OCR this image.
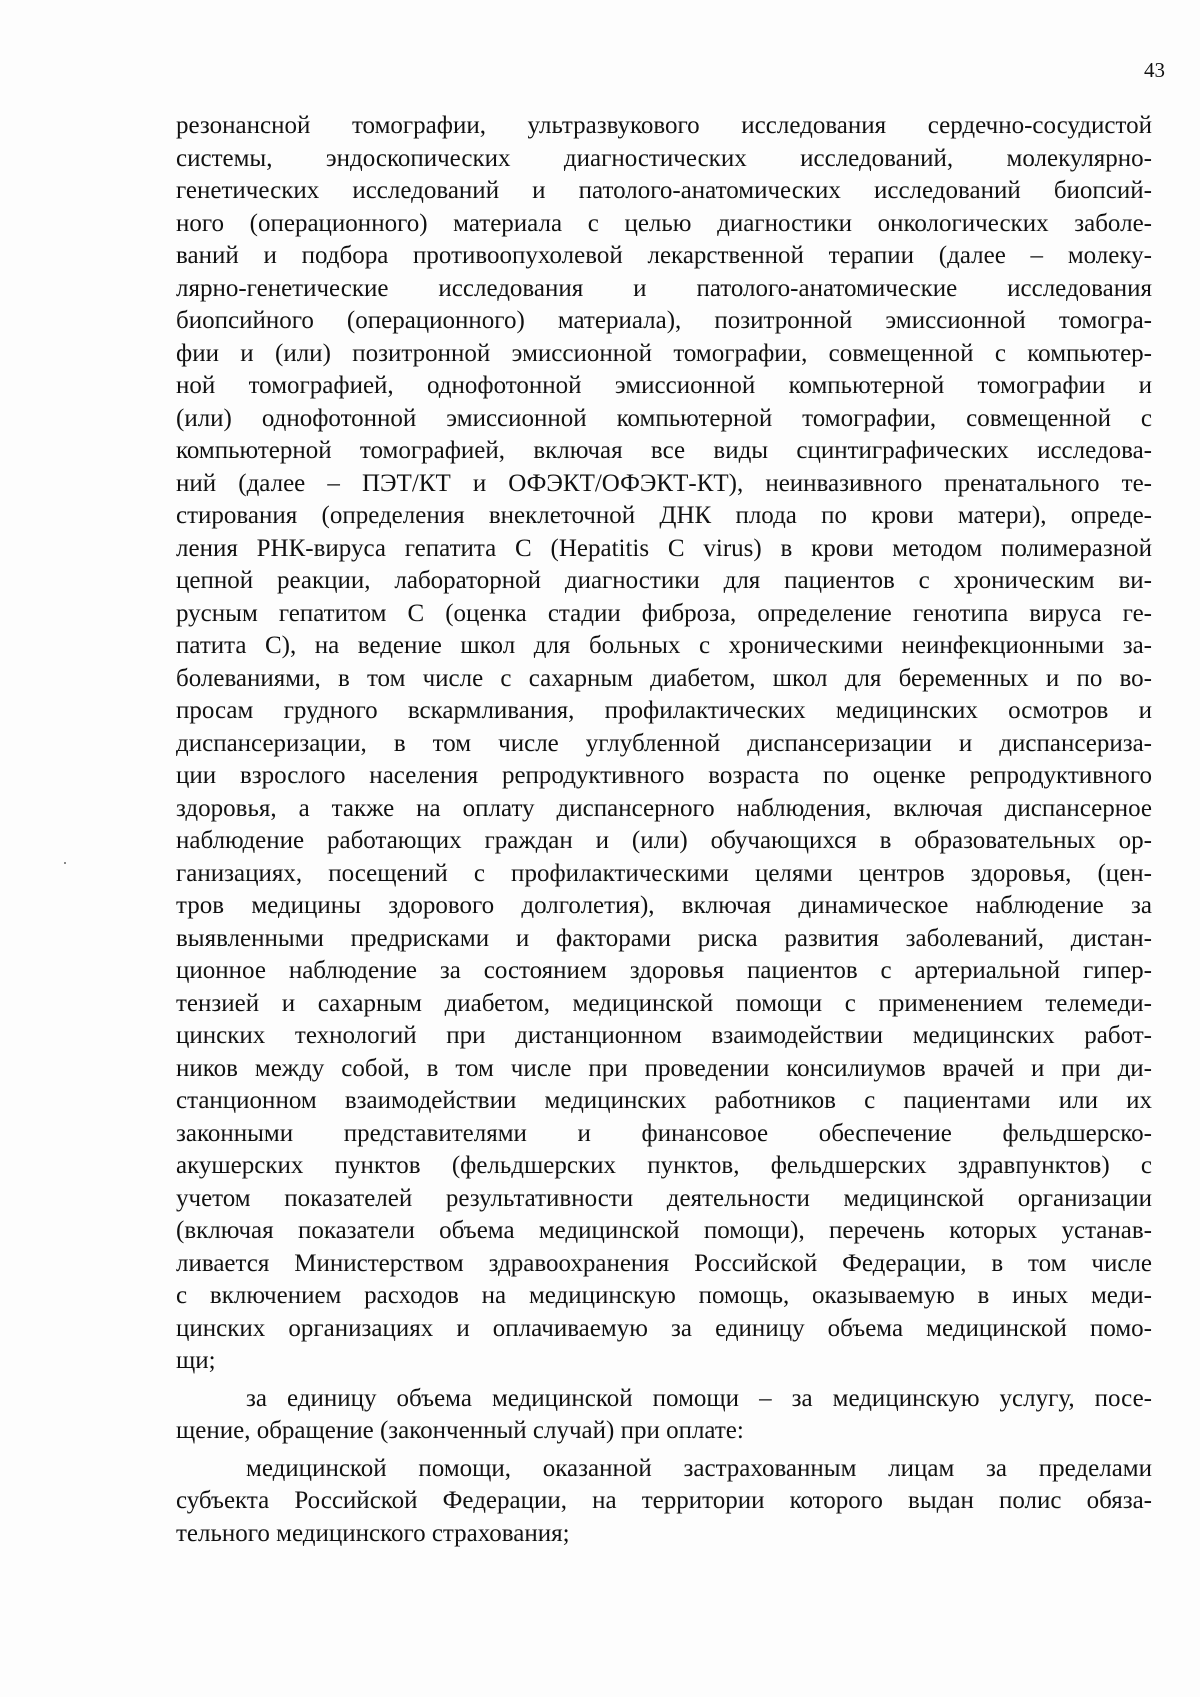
43
резонансной томографии, ультразвукового исследования сердечно-сосудистой
системы, эндоскопических диагностических исследований, молекулярно-
генетических исследований и патолого-анатомических исследований биопсий-
ного (операционного) материала с целью диагностики онкологических заболе-
ваний и подбора противоопухолевой лекарственной терапии (далее – молеку-
лярно-генетические исследования и патолого-анатомические исследования
биопсийного (операционного) материала), позитронной эмиссионной томогра-
фии и (или) позитронной эмиссионной томографии, совмещенной с компьютер-
ной томографией, однофотонной эмиссионной компьютерной томографии и
(или) однофотонной эмиссионной компьютерной томографии, совмещенной с
компьютерной томографией, включая все виды сцинтиграфических исследова-
ний (далее – ПЭТ/КТ и ОФЭКТ/ОФЭКТ-КТ), неинвазивного пренатального те-
стирования (определения внеклеточной ДНК плода по крови матери), опреде-
ления РНК-вируса гепатита С (Hepatitis C virus) в крови методом полимеразной
цепной реакции, лабораторной диагностики для пациентов с хроническим ви-
русным гепатитом С (оценка стадии фиброза, определение генотипа вируса ге-
патита С), на ведение школ для больных с хроническими неинфекционными за-
болеваниями, в том числе с сахарным диабетом, школ для беременных и по во-
просам грудного вскармливания, профилактических медицинских осмотров и
диспансеризации, в том числе углубленной диспансеризации и диспансериза-
ции взрослого населения репродуктивного возраста по оценке репродуктивного
здоровья, а также на оплату диспансерного наблюдения, включая диспансерное
наблюдение работающих граждан и (или) обучающихся в образовательных ор-
ганизациях, посещений с профилактическими целями центров здоровья, (цен-
тров медицины здорового долголетия), включая динамическое наблюдение за
выявленными предрисками и факторами риска развития заболеваний, дистан-
ционное наблюдение за состоянием здоровья пациентов с артериальной гипер-
тензией и сахарным диабетом, медицинской помощи с применением телемеди-
цинских технологий при дистанционном взаимодействии медицинских работ-
ников между собой, в том числе при проведении консилиумов врачей и при ди-
станционном взаимодействии медицинских работников с пациентами или их
законными представителями и финансовое обеспечение фельдшерско-
акушерских пунктов (фельдшерских пунктов, фельдшерских здравпунктов) с
учетом показателей результативности деятельности медицинской организации
(включая показатели объема медицинской помощи), перечень которых устанав-
ливается Министерством здравоохранения Российской Федерации, в том числе
с включением расходов на медицинскую помощь, оказываемую в иных меди-
цинских организациях и оплачиваемую за единицу объема медицинской помо-
щи;
за единицу объема медицинской помощи – за медицинскую услугу, посе-
щение, обращение (законченный случай) при оплате:
медицинской помощи, оказанной застрахованным лицам за пределами
субъекта Российской Федерации, на территории которого выдан полис обяза-
тельного медицинского страхования;
